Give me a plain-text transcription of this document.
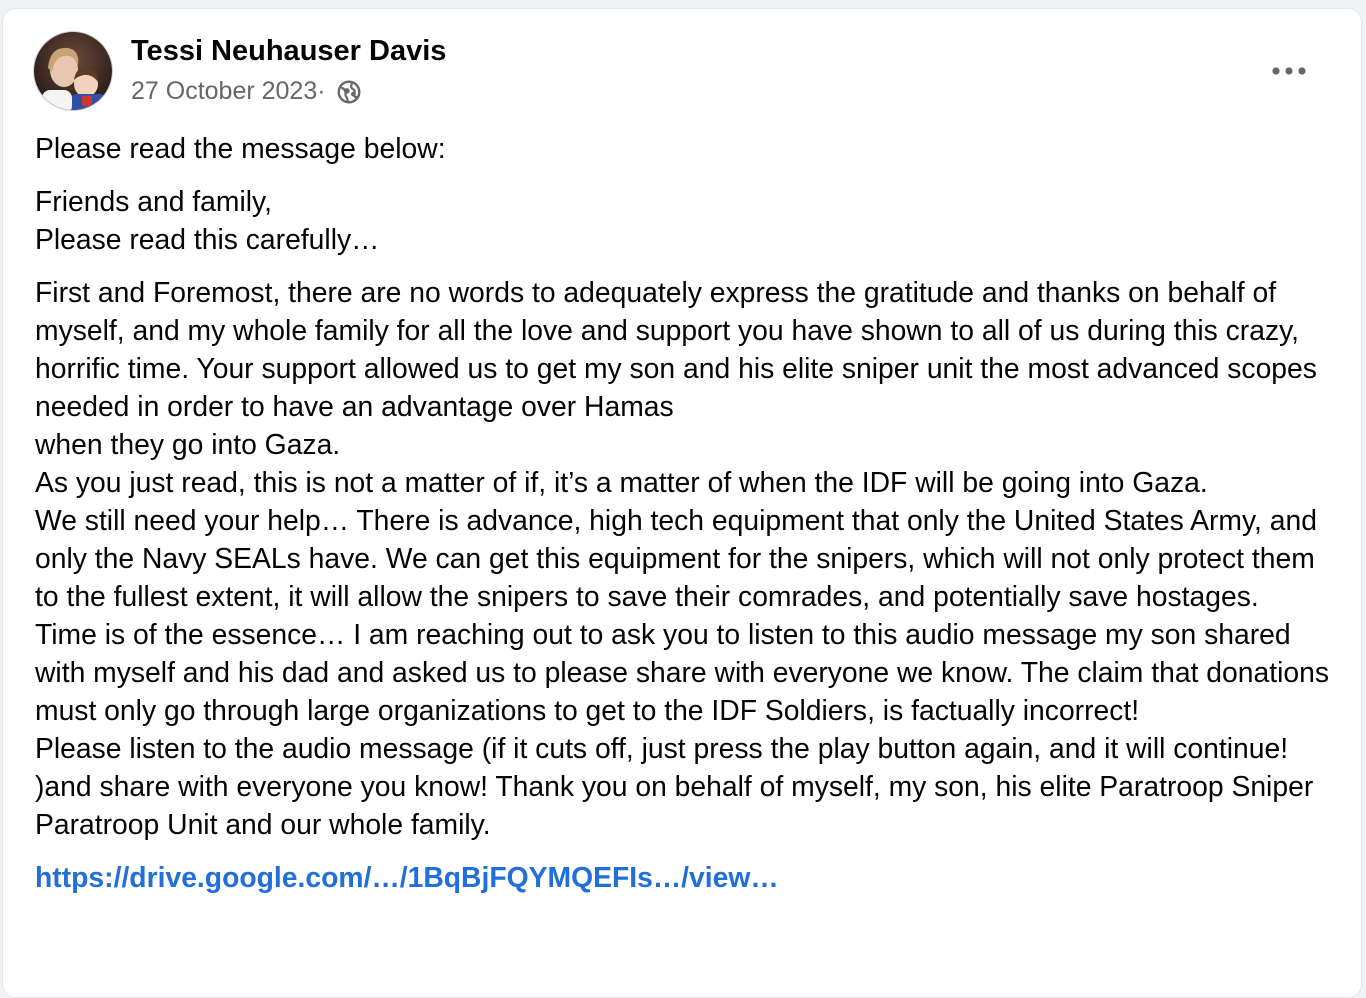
Tessi Neuhauser Davis
27 October 2023 ·

Please read the message below:

Friends and family,
Please read this carefully…

First and Foremost, there are no words to adequately express the gratitude and thanks on behalf of myself, and my whole family for all the love and support you have shown to all of us during this crazy, horrific time. Your support allowed us to get my son and his elite sniper unit the most advanced scopes needed in order to have an advantage over Hamas
when they go into Gaza.
As you just read, this is not a matter of if, it’s a matter of when the IDF will be going into Gaza.
We still need your help… There is advance, high tech equipment that only the United States Army, and only the Navy SEALs have. We can get this equipment for the snipers, which will not only protect them to the fullest extent, it will allow the snipers to save their comrades, and potentially save hostages.
Time is of the essence… I am reaching out to ask you to listen to this audio message my son shared with myself and his dad and asked us to please share with everyone we know. The claim that donations must only go through large organizations to get to the IDF Soldiers, is factually incorrect!
Please listen to the audio message (if it cuts off, just press the play button again, and it will continue! )and share with everyone you know! Thank you on behalf of myself, my son, his elite Paratroop Sniper Paratroop Unit and our whole family.

https://drive.google.com/…/1BqBjFQYMQEFIs…/view…
